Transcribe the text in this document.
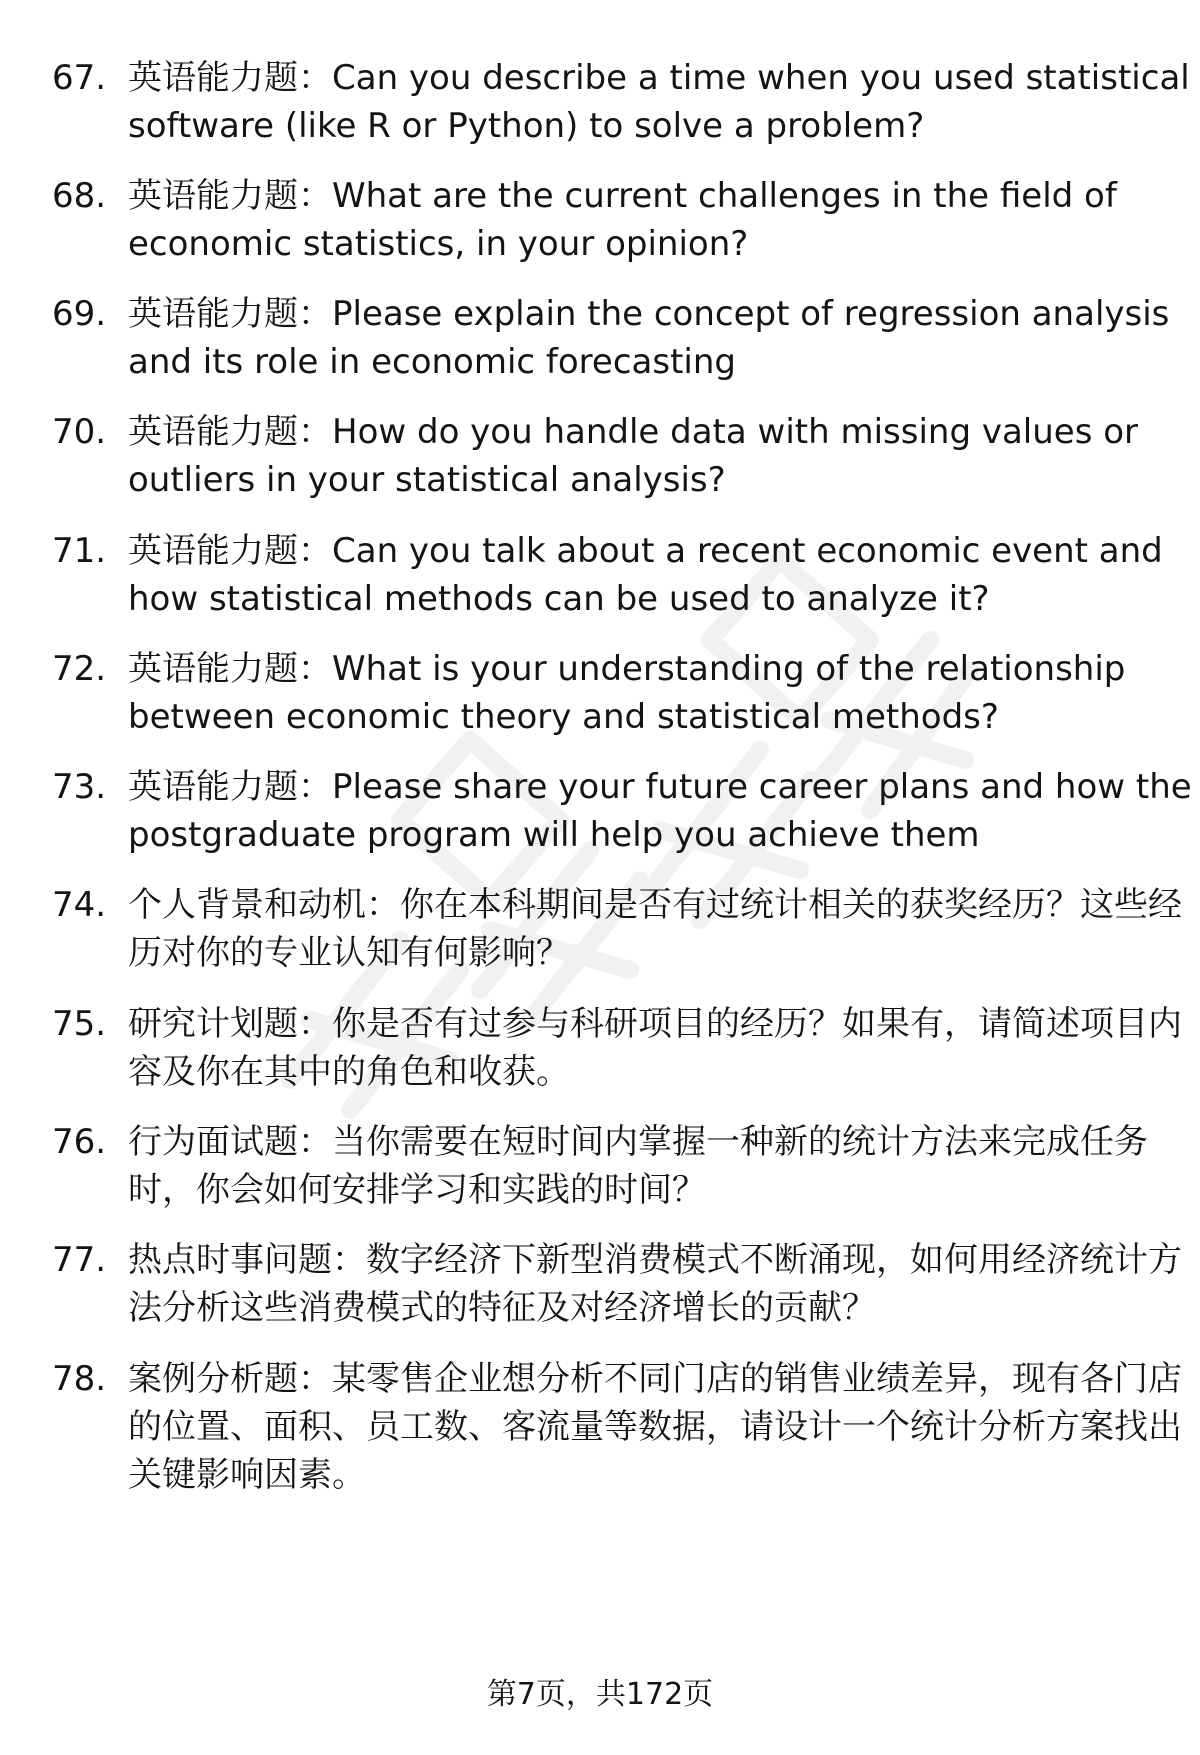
67. 英语能力题：Can you describe a time when you used statistical software (like R or Python) to solve a problem?
68. 英语能力题：What are the current challenges in the field of economic statistics, in your opinion?
69. 英语能力题：Please explain the concept of regression analysis and its role in economic forecasting
70. 英语能力题：How do you handle data with missing values or outliers in your statistical analysis?
71. 英语能力题：Can you talk about a recent economic event and how statistical methods can be used to analyze it?
72. 英语能力题：What is your understanding of the relationship between economic theory and statistical methods?
73. 英语能力题：Please share your future career plans and how the postgraduate program will help you achieve them
74. 个人背景和动机：你在本科期间是否有过统计相关的获奖经历？这些经历对你的专业认知有何影响？
75. 研究计划题：你是否有过参与科研项目的经历？如果有，请简述项目内容及你在其中的角色和收获。
76. 行为面试题：当你需要在短时间内掌握一种新的统计方法来完成任务时，你会如何安排学习和实践的时间？
77. 热点时事问题：数字经济下新型消费模式不断涌现，如何用经济统计方法分析这些消费模式的特征及对经济增长的贡献？
78. 案例分析题：某零售企业想分析不同门店的销售业绩差异，现有各门店的位置、面积、员工数、客流量等数据，请设计一个统计分析方案找出关键影响因素。
第7页，共172页
